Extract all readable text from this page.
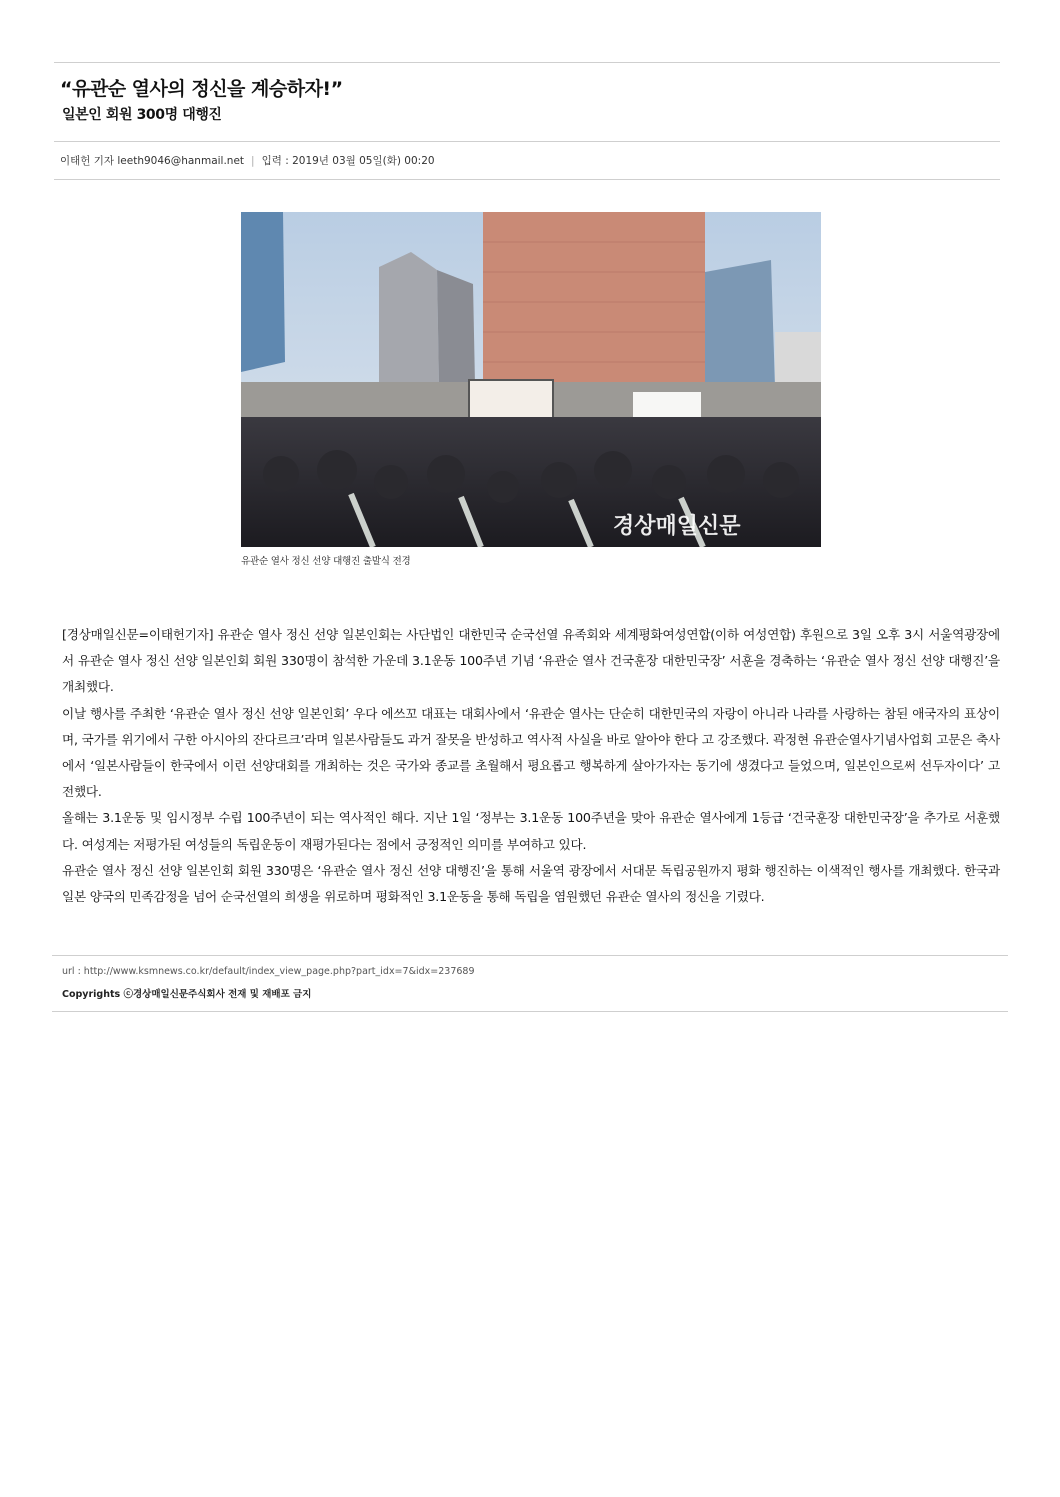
“유관순 열사의 정신을 계승하자!”
일본인 회원 300명 대행진
이태헌 기자 leeth9046@hanmail.net | 입력 : 2019년 03월 05일(화) 00:20
경상매일신문
유관순 열사 정신 선양 대행진 출발식 전경

[경상매일신문=이태헌기자] 유관순 열사 정신 선양 일본인회는 사단법인 대한민국 순국선열 유족회와 세계평화여성연합(이하 여성연합) 후원으로 3일 오후 3시 서울역광장에서 유관순 열사 정신 선양 일본인회 회원 330명이 참석한 가운데 3.1운동 100주년 기념 ‘유관순 열사 건국훈장 대한민국장’ 서훈을 경축하는 ‘유관순 열사 정신 선양 대행진’을 개최했다.

이날 행사를 주최한 ‘유관순 열사 정신 선양 일본인회’ 우다 에쓰꼬 대표는 대회사에서 ‘유관순 열사는 단순히 대한민국의 자랑이 아니라 나라를 사랑하는 참된 애국자의 표상이며, 국가를 위기에서 구한 아시아의 잔다르크’라며 일본사람들도 과거 잘못을 반성하고 역사적 사실을 바로 알아야 한다 고 강조했다. 곽정현 유관순열사기념사업회 고문은 축사에서 ‘일본사람들이 한국에서 이런 선양대회를 개최하는 것은 국가와 종교를 초월해서 평요롭고 행복하게 살아가자는 동기에 생겼다고 들었으며, 일본인으로써 선두자이다’ 고 전했다.

올해는 3.1운동 및 임시정부 수립 100주년이 되는 역사적인 해다. 지난 1일 ‘정부는 3.1운동 100주년을 맞아 유관순 열사에게 1등급 ‘건국훈장 대한민국장’을 추가로 서훈했다. 여성계는 저평가된 여성들의 독립운동이 재평가된다는 점에서 긍정적인 의미를 부여하고 있다.

유관순 열사 정신 선양 일본인회 회원 330명은 ‘유관순 열사 정신 선양 대행진’을 통해 서울역 광장에서 서대문 독립공원까지 평화 행진하는 이색적인 행사를 개최했다. 한국과 일본 양국의 민족감정을 넘어 순국선열의 희생을 위로하며 평화적인 3.1운동을 통해 독립을 염원했던 유관순 열사의 정신을 기렸다.

url : http://www.ksmnews.co.kr/default/index_view_page.php?part_idx=7&idx=237689
Copyrights ⓒ경상매일신문주식회사 전재 및 재배포 금지
